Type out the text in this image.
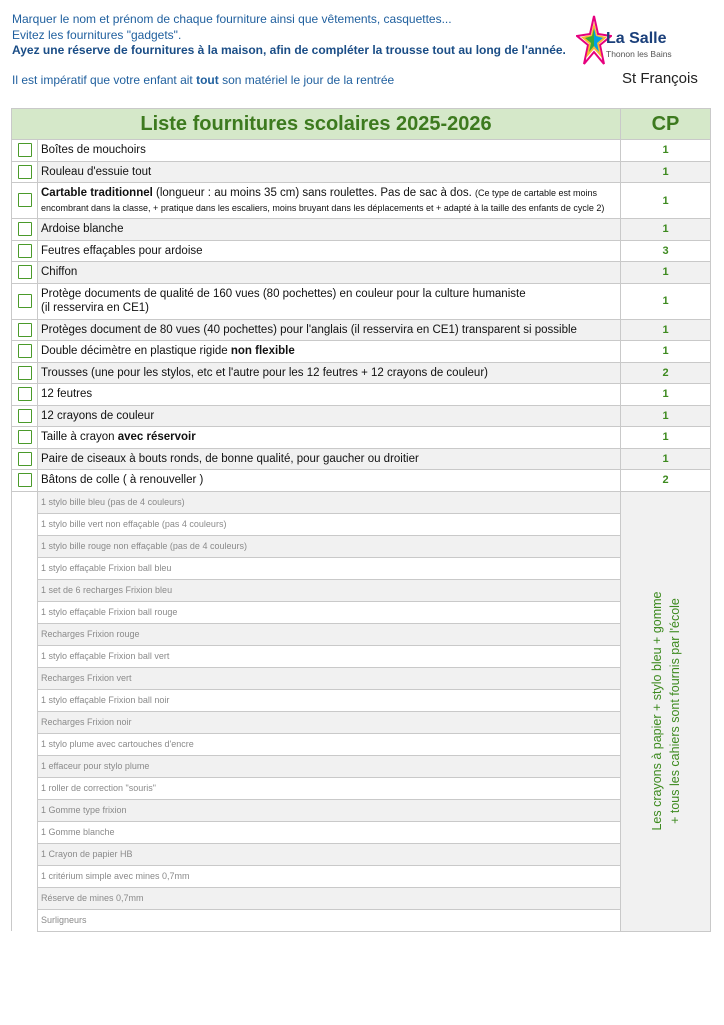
Marquer le nom et prénom de chaque fourniture ainsi que vêtements, casquettes...
Evitez les fournitures "gadgets".
Ayez une réserve de fournitures à la maison, afin de compléter la trousse tout au long de l'année.
Il est impératif que votre enfant ait tout son matériel le jour de la rentrée
La Salle
Thonon les Bains
St François
Liste fournitures scolaires 2025-2026		CP
	Boîtes de mouchoirs	1
	Rouleau d'essuie tout	1
	Cartable traditionnel (longueur : au moins 35 cm) sans roulettes. Pas de sac à dos. (Ce type de cartable est moins encombrant dans la classe, + pratique dans les escaliers, moins bruyant dans les déplacements et + adapté à la taille des enfants de cycle 2)	1
	Ardoise blanche	1
	Feutres effaçables pour ardoise	3
	Chiffon	1
	Protège documents de qualité de 160 vues (80 pochettes) en couleur pour la culture humaniste
(il resservira en CE1)	1
	Protèges document de 80 vues (40 pochettes) pour l'anglais (il resservira en CE1) transparent si possible	1
	Double décimètre en plastique rigide non flexible	1
	Trousses (une pour les stylos, etc et l'autre pour les 12 feutres + 12 crayons de couleur)	2
	12 feutres	1
	12 crayons de couleur	1
	Taille à crayon avec réservoir	1
	Paire de ciseaux à bouts ronds, de bonne qualité, pour gaucher ou droitier	1
	Bâtons de colle ( à renouveller )	2
	1 stylo bille bleu (pas de 4 couleurs)	Les crayons à papier + stylo bleu + gomme + tous les cahiers sont fournis par l'école

	1 stylo bille vert non effaçable (pas 4 couleurs)	
	1 stylo bille rouge non effaçable (pas de 4 couleurs)	
	1 stylo effaçable Frixion ball bleu	
	1 set de 6 recharges Frixion bleu	
	1 stylo effaçable Frixion ball rouge	
	Recharges Frixion rouge	
	1 stylo effaçable Frixion ball vert	
	Recharges Frixion vert	
	1 stylo effaçable Frixion ball noir	
	Recharges Frixion noir	
	1 stylo plume avec cartouches d'encre	
	1 effaceur pour stylo plume	
	1 roller de correction "souris"	
	1 Gomme type frixion	
	1 Gomme blanche	
	1 Crayon de papier HB	
	1 critérium simple avec mines 0,7mm	
	Réserve de mines 0,7mm	
	Surligneurs	
